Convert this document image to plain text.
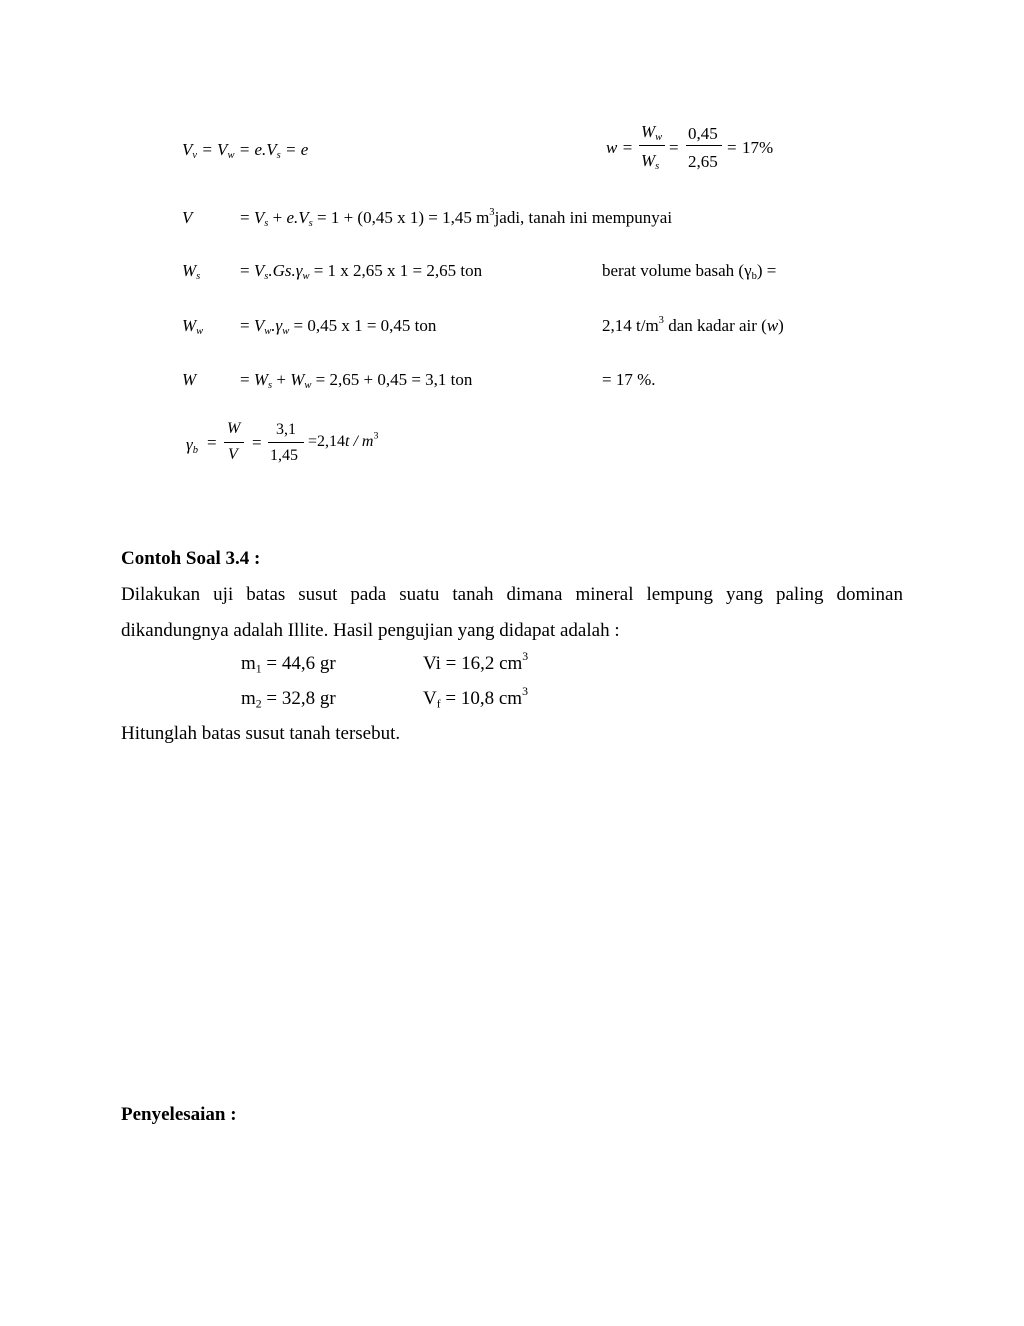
$V_v = V_w = e.V_s = e$	w =
$W_w$
$W_s$
=
0,45
2,65
= 17%
V	= $V_s + e.V_s = 1 + (0,45$ x 1) = 1,45 $m^3jadi$, tanah ini mempunyai
$W_s = V_s.Gs.\gamma_w = 1$ x 2,65 x 1 = 2,65 ton	berat volume basah $(\gamma_b)$ =
$W_w = V_w.\gamma_w = 0,45$ x 1 = 0,45 ton	2,14 $t/m^3$ dan kadar air (w)
W	= $W_s + W_w = 2,65 + 0,45 = 3,1$ ton	= 17 %.
$\gamma_b$ =
W
V
=
3,1
1,45
$=2,14t / m^3$
Contoh Soal 3.4 :
Dilakukan uji batas susut pada suatu tanah dimana mineral lempung yang paling dominan
dikandungnya adalah Illite. Hasil pengujian yang didapat adalah :
$m_1 = 44,6$ gr	Vi = 16,2 $cm^3$
$m_2 = 32,8$ gr	$V_f = 10,8$ $cm^3$
Hitunglah batas susut tanah tersebut.
Penyelesaian :
